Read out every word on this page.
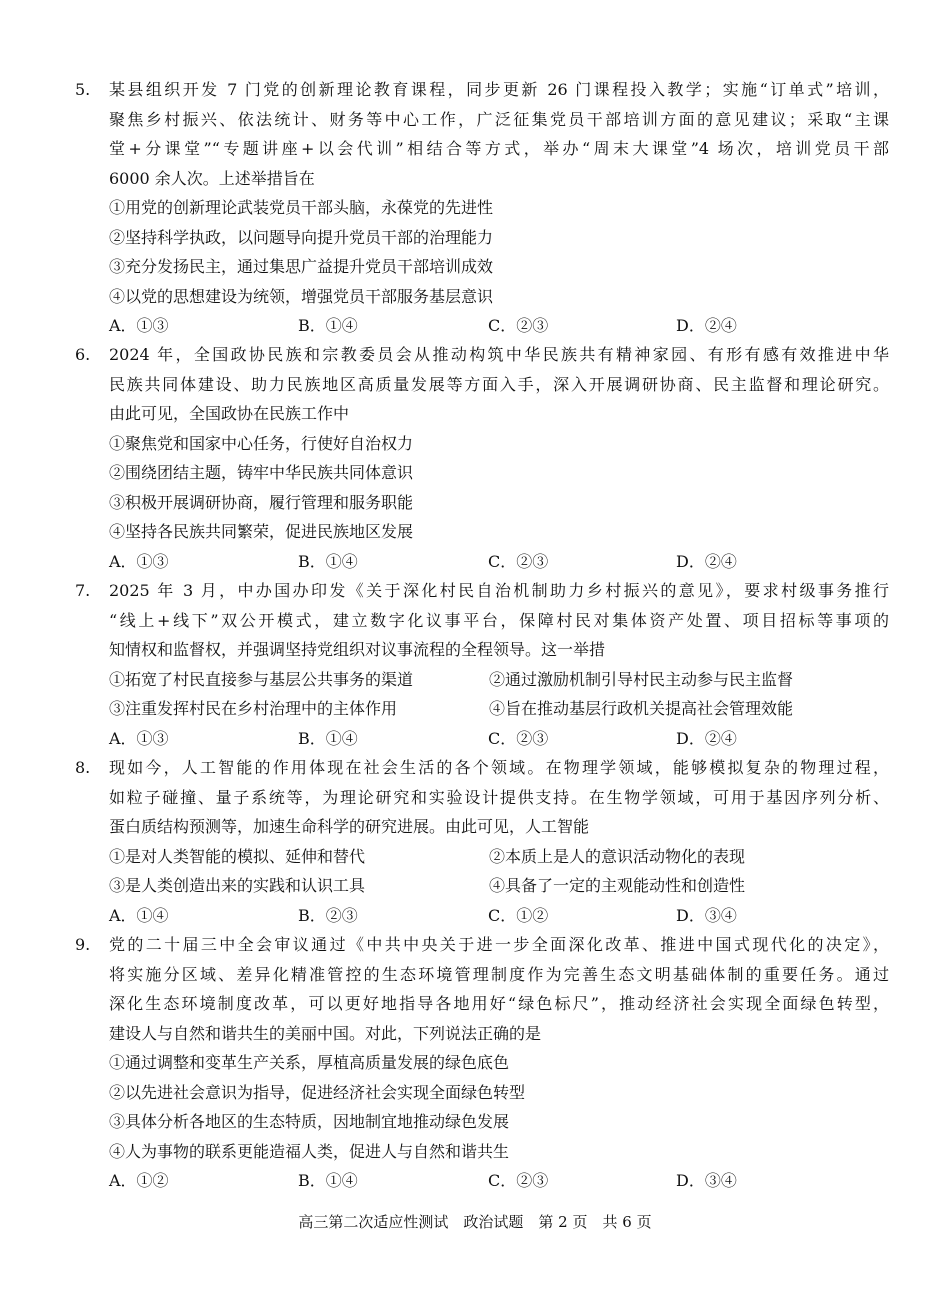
5. 某县组织开发 7 门党的创新理论教育课程，同步更新 26 门课程投入教学；实施“订单式”培训，
聚焦乡村振兴、依法统计、财务等中心工作，广泛征集党员干部培训方面的意见建议；采取“主课
堂+分课堂”“专题讲座+以会代训”相结合等方式，举办“周末大课堂”4 场次，培训党员干部
6000 余人次。上述举措旨在
①用党的创新理论武装党员干部头脑，永葆党的先进性
②坚持科学执政，以问题导向提升党员干部的治理能力
③充分发扬民主，通过集思广益提升党员干部培训成效
④以党的思想建设为统领，增强党员干部服务基层意识
A．①③	B．①④	C．②③	D．②④
6. 2024 年，全国政协民族和宗教委员会从推动构筑中华民族共有精神家园、有形有感有效推进中华
民族共同体建设、助力民族地区高质量发展等方面入手，深入开展调研协商、民主监督和理论研究。
由此可见，全国政协在民族工作中
①聚焦党和国家中心任务，行使好自治权力
②围绕团结主题，铸牢中华民族共同体意识
③积极开展调研协商，履行管理和服务职能
④坚持各民族共同繁荣，促进民族地区发展
A．①③	B．①④	C．②③	D．②④
7. 2025 年 3 月，中办国办印发《关于深化村民自治机制助力乡村振兴的意见》，要求村级事务推行
“线上+线下”双公开模式，建立数字化议事平台，保障村民对集体资产处置、项目招标等事项的
知情权和监督权，并强调坚持党组织对议事流程的全程领导。这一举措
①拓宽了村民直接参与基层公共事务的渠道	②通过激励机制引导村民主动参与民主监督
③注重发挥村民在乡村治理中的主体作用	④旨在推动基层行政机关提高社会管理效能
A．①③	B．①④	C．②③	D．②④
8. 现如今，人工智能的作用体现在社会生活的各个领域。在物理学领域，能够模拟复杂的物理过程，
如粒子碰撞、量子系统等，为理论研究和实验设计提供支持。在生物学领域，可用于基因序列分析、
蛋白质结构预测等，加速生命科学的研究进展。由此可见，人工智能
①是对人类智能的模拟、延伸和替代	②本质上是人的意识活动物化的表现
③是人类创造出来的实践和认识工具	④具备了一定的主观能动性和创造性
A．①④	B．②③	C．①②	D．③④
9. 党的二十届三中全会审议通过《中共中央关于进一步全面深化改革、推进中国式现代化的决定》，
将实施分区域、差异化精准管控的生态环境管理制度作为完善生态文明基础体制的重要任务。通过
深化生态环境制度改革，可以更好地指导各地用好“绿色标尺”，推动经济社会实现全面绿色转型，
建设人与自然和谐共生的美丽中国。对此，下列说法正确的是
①通过调整和变革生产关系，厚植高质量发展的绿色底色
②以先进社会意识为指导，促进经济社会实现全面绿色转型
③具体分析各地区的生态特质，因地制宜地推动绿色发展
④人为事物的联系更能造福人类，促进人与自然和谐共生
A．①②	B．①④	C．②③	D．③④
高三第二次适应性测试　政治试题　第 2 页　共 6 页
